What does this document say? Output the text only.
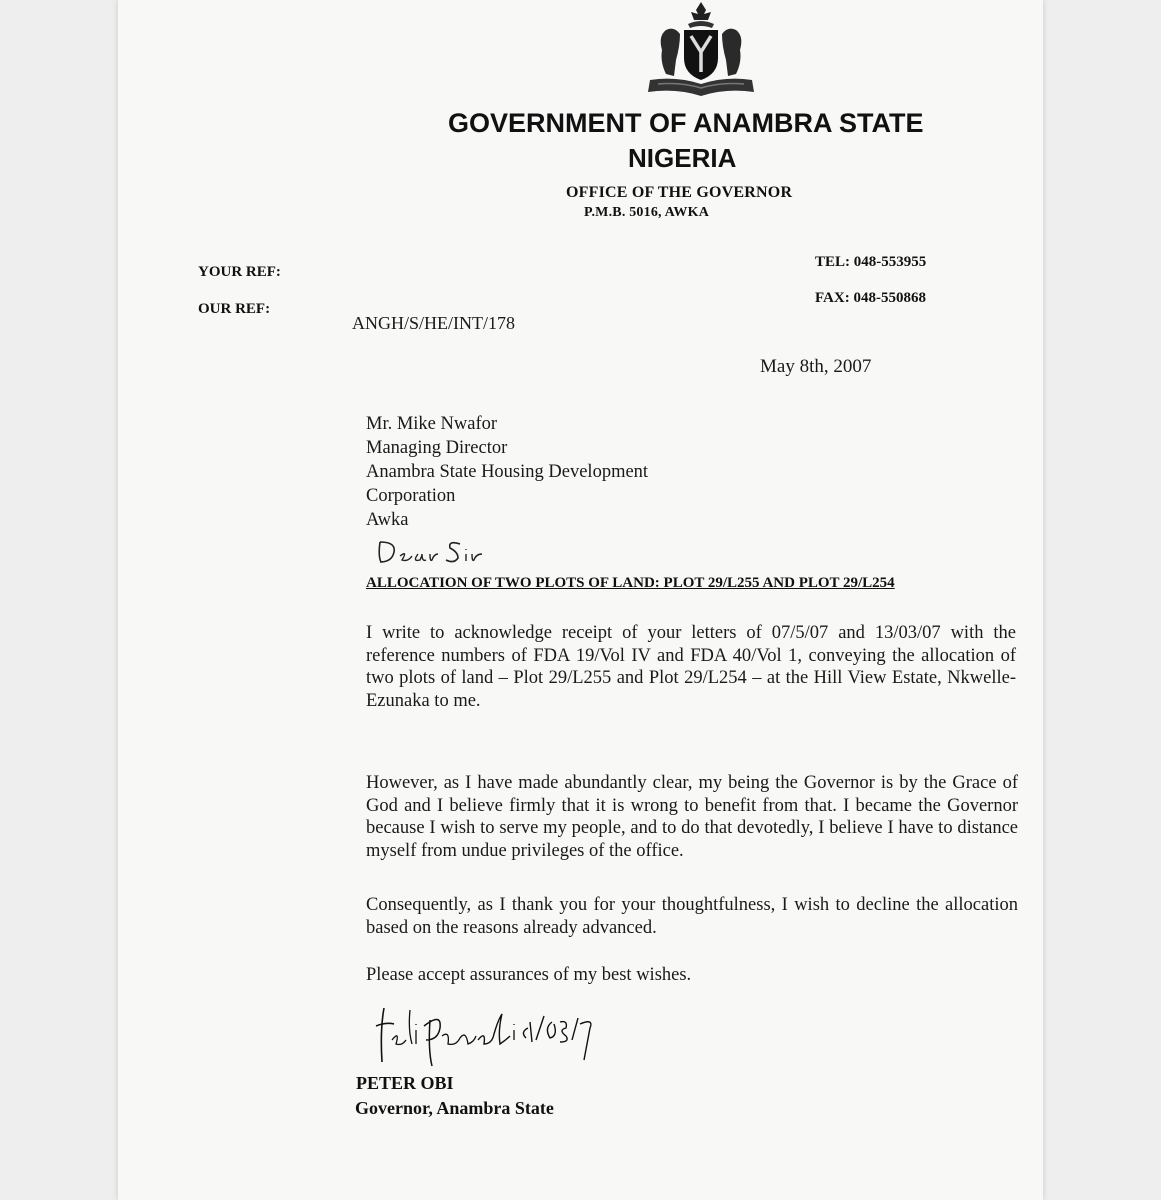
GOVERNMENT OF ANAMBRA STATE
NIGERIA
OFFICE OF THE GOVERNOR
P.M.B. 5016, AWKA
YOUR REF:
OUR REF:
ANGH/S/HE/INT/178
TEL: 048-553955
FAX: 048-550868
May 8th, 2007
Mr. Mike Nwafor
Managing Director
Anambra State Housing Development
Corporation
Awka
ALLOCATION OF TWO PLOTS OF LAND: PLOT 29/L255 AND PLOT 29/L254
I write to acknowledge receipt of your letters of 07/5/07 and 13/03/07 with the reference numbers of FDA 19/Vol IV and FDA 40/Vol 1, conveying the allocation of two plots of land – Plot 29/L255 and Plot 29/L254 – at the Hill View Estate, Nkwelle-Ezunaka to me.
However, as I have made abundantly clear, my being the Governor is by the Grace of God and I believe firmly that it is wrong to benefit from that. I became the Governor because I wish to serve my people, and to do that devotedly, I believe I have to distance myself from undue privileges of the office.
Consequently, as I thank you for your thoughtfulness, I wish to decline the allocation based on the reasons already advanced.
Please accept assurances of my best wishes.
PETER OBI
Governor, Anambra State
